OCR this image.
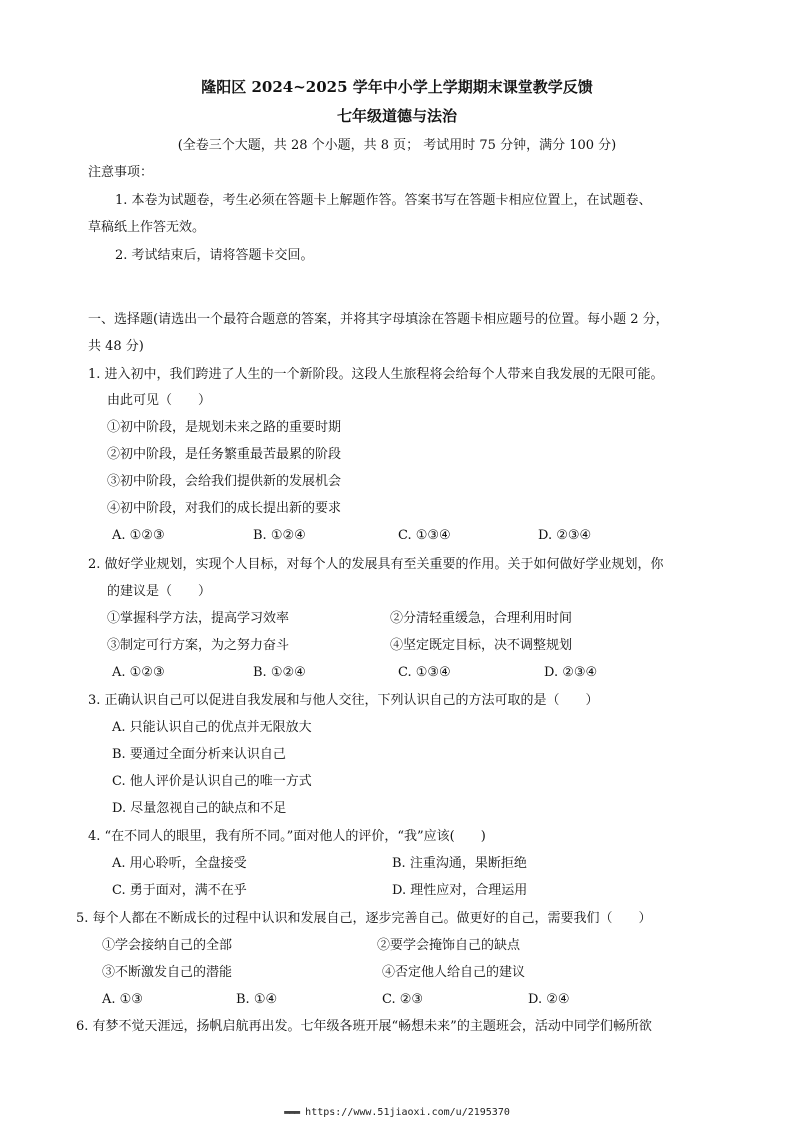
隆阳区 2024~2025 学年中小学上学期期末课堂教学反馈
七年级道德与法治
(全卷三个大题，共 28 个小题，共 8 页； 考试用时 75 分钟，满分 100 分)
注意事项：
1. 本卷为试题卷，考生必须在答题卡上解题作答。答案书写在答题卡相应位置上，在试题卷、
草稿纸上作答无效。
2. 考试结束后，请将答题卡交回。
一、选择题(请选出一个最符合题意的答案，并将其字母填涂在答题卡相应题号的位置。每小题 2 分，
共 48 分)
1. 进入初中，我们跨进了人生的一个新阶段。这段人生旅程将会给每个人带来自我发展的无限可能。
由此可见（　　）
①初中阶段，是规划未来之路的重要时期
②初中阶段，是任务繁重最苦最累的阶段
③初中阶段，会给我们提供新的发展机会
④初中阶段，对我们的成长提出新的要求
A. ①②③	B. ①②④	C. ①③④	D. ②③④
2. 做好学业规划，实现个人目标，对每个人的发展具有至关重要的作用。关于如何做好学业规划，你
的建议是（　　）
①掌握科学方法，提高学习效率	②分清轻重缓急，合理利用时间
③制定可行方案，为之努力奋斗	④坚定既定目标，决不调整规划
A. ①②③	B. ①②④	C. ①③④	D. ②③④
3. 正确认识自己可以促进自我发展和与他人交往，下列认识自己的方法可取的是（　　）
A. 只能认识自己的优点并无限放大
B. 要通过全面分析来认识自己
C. 他人评价是认识自己的唯一方式
D. 尽量忽视自己的缺点和不足
4. “在不同人的眼里，我有所不同。”面对他人的评价，“我”应该(　　)
A. 用心聆听，全盘接受	B. 注重沟通，果断拒绝
C. 勇于面对，满不在乎	D. 理性应对，合理运用
5. 每个人都在不断成长的过程中认识和发展自己，逐步完善自己。做更好的自己，需要我们（　　）
①学会接纳自己的全部	②要学会掩饰自己的缺点
③不断激发自己的潜能	④否定他人给自己的建议
A. ①③	B. ①④	C. ②③	D. ②④
6. 有梦不觉天涯远，扬帆启航再出发。七年级各班开展“畅想未来”的主题班会，活动中同学们畅所欲
▬▬▬ https://www.51jiaoxi.com/u/2195370
